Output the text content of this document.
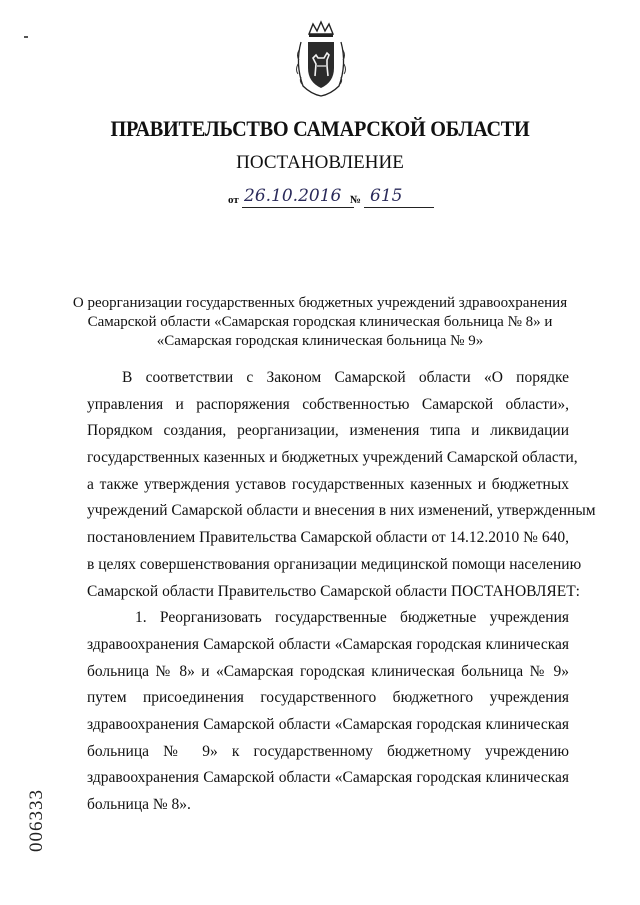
ПРАВИТЕЛЬСТВО САМАРСКОЙ ОБЛАСТИ
ПОСТАНОВЛЕНИЕ
от 26.10.2016 № 615
О реорганизации государственных бюджетных учреждений здравоохранения
Самарской области «Самарская городская клиническая больница № 8» и
«Самарская городская клиническая больница № 9»
В соответствии с Законом Самарской области «О порядке
управления и распоряжения собственностью Самарской области»,
Порядком создания, реорганизации, изменения типа и ликвидации
государственных казенных и бюджетных учреждений Самарской области,
а также утверждения уставов государственных казенных и бюджетных
учреждений Самарской области и внесения в них изменений, утвержденным
постановлением Правительства Самарской области от 14.12.2010 № 640,
в целях совершенствования организации медицинской помощи населению
Самарской области Правительство Самарской области ПОСТАНОВЛЯЕТ:
1. Реорганизовать государственные бюджетные учреждения
здравоохранения Самарской области «Самарская городская клиническая
больница № 8» и «Самарская городская клиническая больница № 9»
путем присоединения государственного бюджетного учреждения
здравоохранения Самарской области «Самарская городская клиническая
больница № 9» к государственному бюджетному учреждению
здравоохранения Самарской области «Самарская городская клиническая
больница № 8».
006333
